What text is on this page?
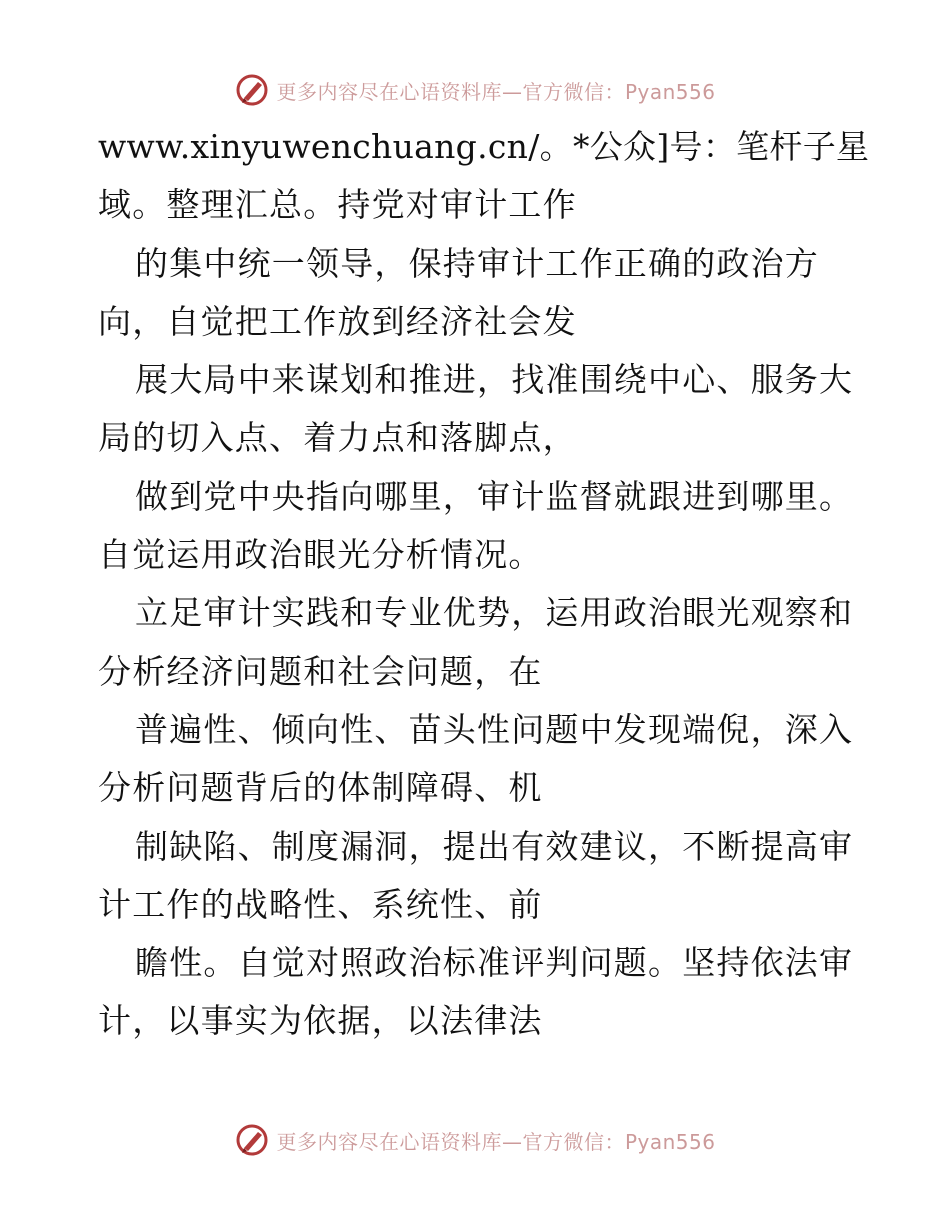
更多内容尽在心语资料库—官方微信：Pyan556
www.xinyuwenchuang.cn/。*公众]号：笔杆子星
域。整理汇总。持党对审计工作
的集中统一领导，保持审计工作正确的政治方
向，自觉把工作放到经济社会发
展大局中来谋划和推进，找准围绕中心、服务大
局的切入点、着力点和落脚点，
做到党中央指向哪里，审计监督就跟进到哪里。
自觉运用政治眼光分析情况。
立足审计实践和专业优势，运用政治眼光观察和
分析经济问题和社会问题，在
普遍性、倾向性、苗头性问题中发现端倪，深入
分析问题背后的体制障碍、机
制缺陷、制度漏洞，提出有效建议，不断提高审
计工作的战略性、系统性、前
瞻性。自觉对照政治标准评判问题。坚持依法审
计，以事实为依据，以法律法
更多内容尽在心语资料库—官方微信：Pyan556
